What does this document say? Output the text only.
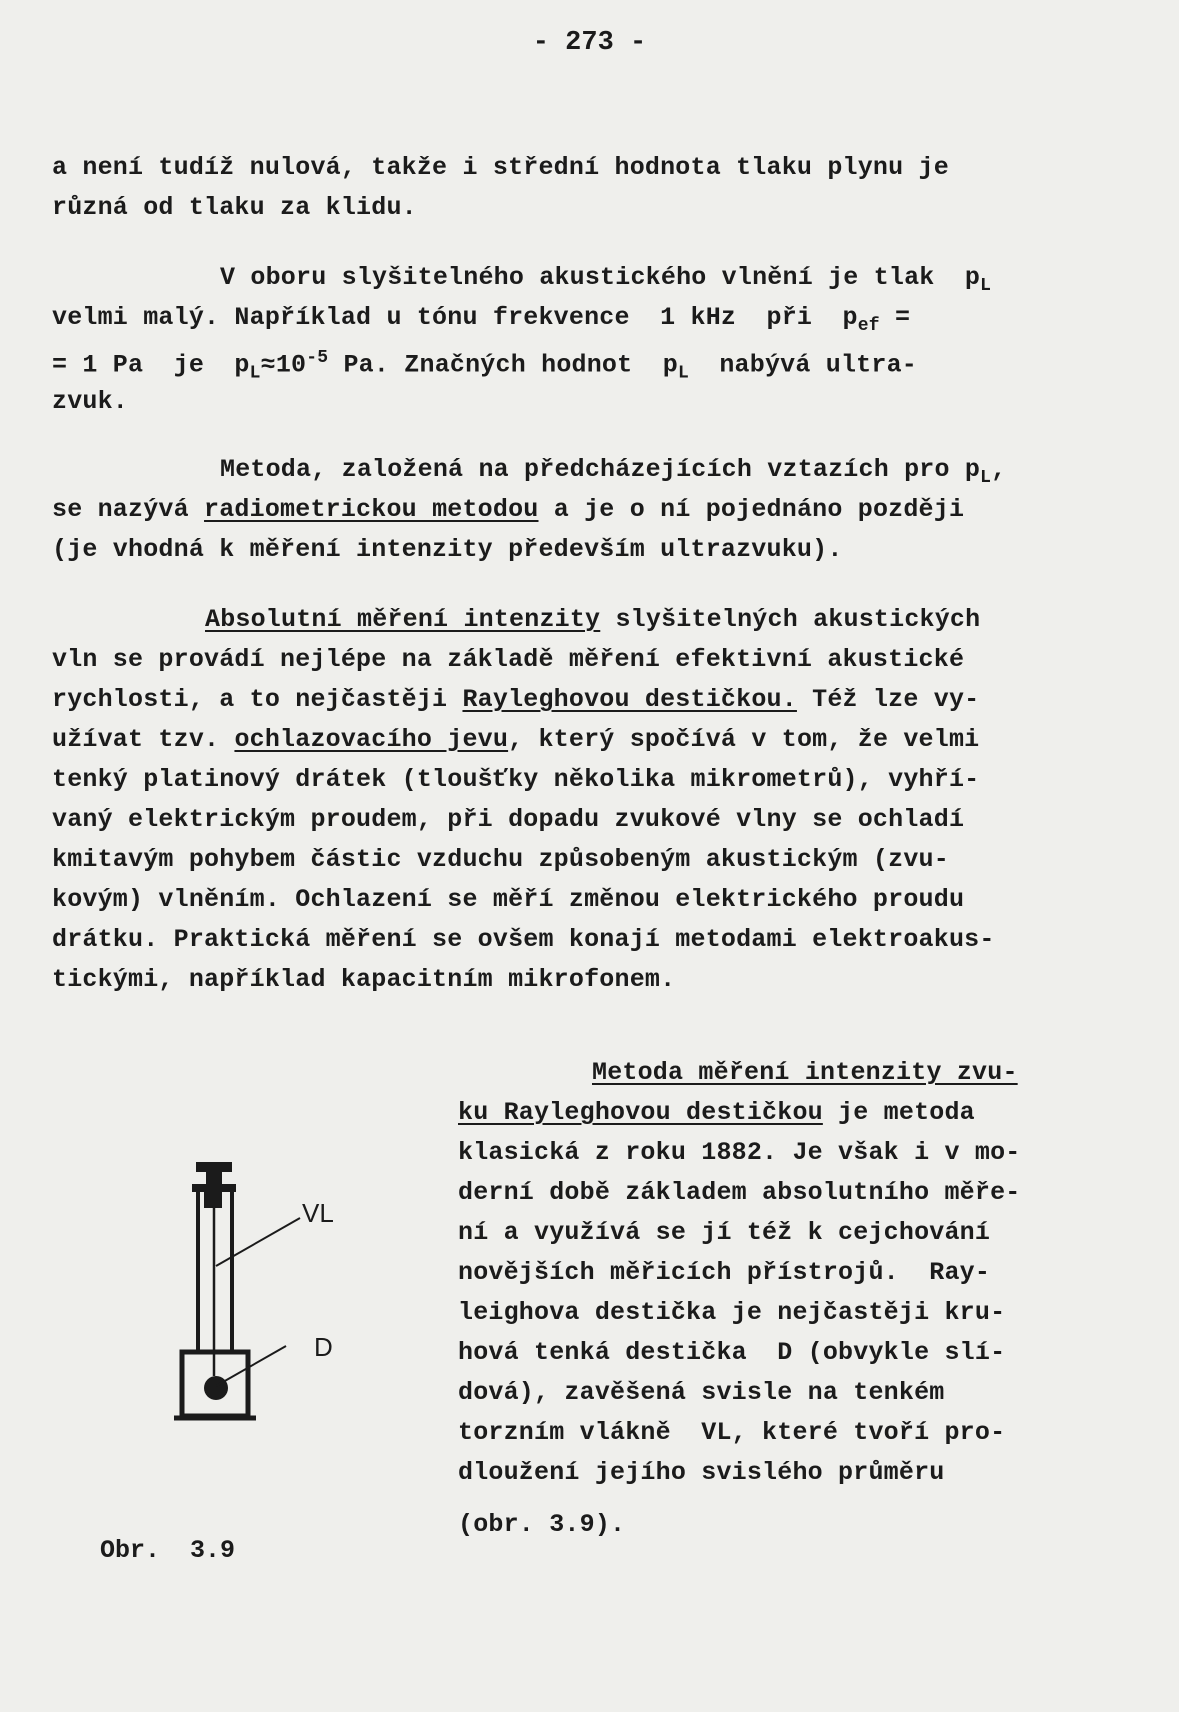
- 273 -
a není tudíž nulová, takže i střední hodnota tlaku plynu je
různá od tlaku za klidu.
V oboru slyšitelného akustického vlnění je tlak  $p_L$
velmi malý. Například u tónu frekvence  1 kHz  při  $p_{ef}$ =
= 1 Pa  je  $p_L\approx 10^{-5}$ Pa. Značných hodnot  $p_L$  nabývá ultra-
zvuk.
Metoda, založená na předcházejících vztazích pro $p_L$,
se nazývá radiometrickou metodou a je o ní pojednáno později
(je vhodná k měření intenzity především ultrazvuku).
Absolutní měření intenzity slyšitelných akustických
vln se provádí nejlépe na základě měření efektivní akustické
rychlosti, a to nejčastěji Rayleghovou destičkou. Též lze vy-
užívat tzv. ochlazovacího jevu, který spočívá v tom, že velmi
tenký platinový drátek (tloušťky několika mikrometrů), vyhří-
vaný elektrickým proudem, při dopadu zvukové vlny se ochladí
kmitavým pohybem částic vzduchu způsobeným akustickým (zvu-
kovým) vlněním. Ochlazení se měří změnou elektrického proudu
drátku. Praktická měření se ovšem konají metodami elektroakus-
tickými, například kapacitním mikrofonem.
Metoda měření intenzity zvu-
ku Rayleghovou destičkou je metoda
klasická z roku 1882. Je však i v mo-
derní době základem absolutního měře-
ní a využívá se jí též k cejchování
novějších měřicích přístrojů.  Ray-
leighova destička je nejčastěji kru-
hová tenká destička  D (obvykle slí-
dová), zavěšená svisle na tenkém
torzním vlákně  VL, které tvoří pro-
dloužení jejího svislého průměru
(obr. 3.9).
VL
D
Obr.  3.9
